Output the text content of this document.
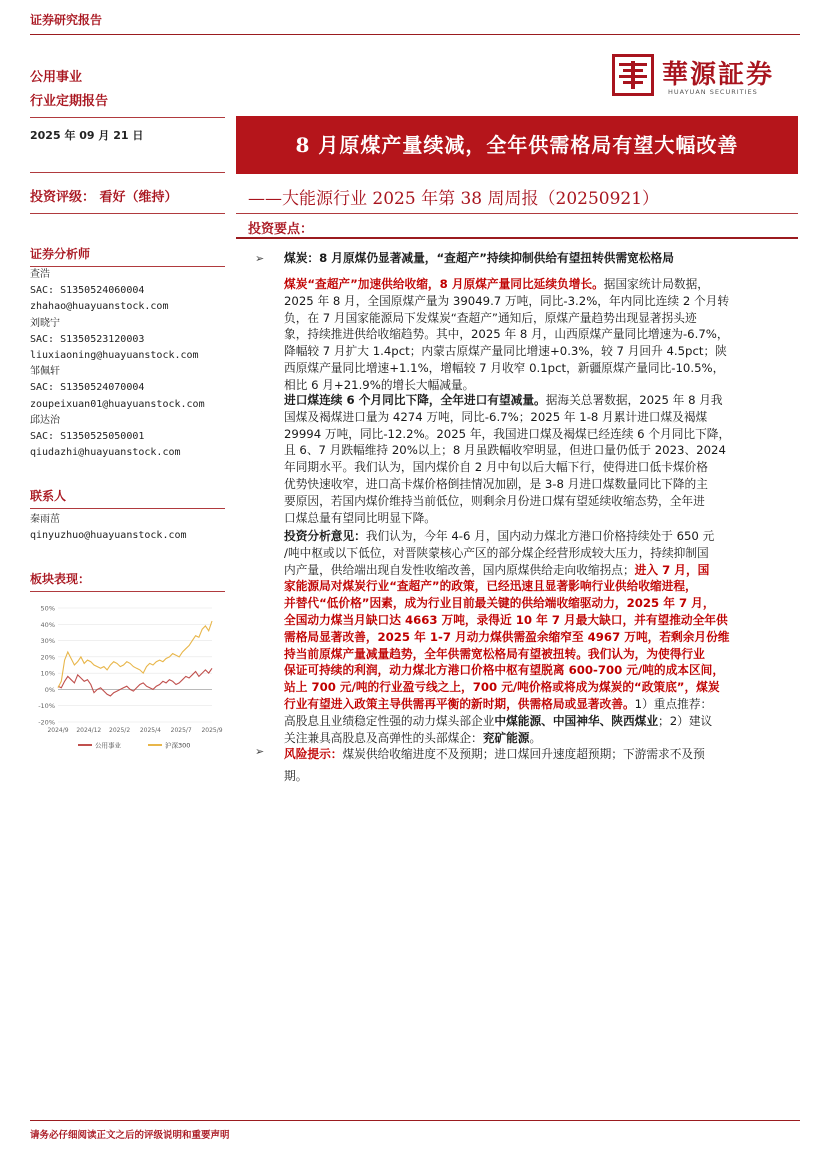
证券研究报告
公用事业
行业定期报告
華源証券
HUAYUAN SECURITIES
2025 年 09 月 21 日	8 月原煤产量续减，全年供需格局有望大幅改善
投资评级： 看好（维持）	——大能源行业 2025 年第 38 周周报（20250921）
投资要点：
证券分析师
查浩
SAC: S1350524060004
zhahao@huayuanstock.com
刘晓宁
SAC: S1350523120003
liuxiaoning@huayuanstock.com
邹佩轩
SAC: S1350524070004
zoupeixuan01@huayuanstock.com
邱达治
SAC: S1350525050001
qiudazhi@huayuanstock.com
联系人
秦雨茁
qinyuzhuo@huayuanstock.com
板块表现：
50%
40%
30%
20%
10%
0%
-10%
-20%
2024/9 2024/12 2025/2 2025/4 2025/7 2025/9
公用事业	沪深300
➢ 煤炭：8 月原煤仍显著减量，“查超产”持续抑制供给有望扭转供需宽松格局
煤炭“查超产”加速供给收缩，8 月原煤产量同比延续负增长。据国家统计局数据，
2025 年 8 月，全国原煤产量为 39049.7 万吨，同比-3.2%，年内同比连续 2 个月转
负，在 7 月国家能源局下发煤炭“查超产”通知后，原煤产量趋势出现显著拐头迹
象，持续推进供给收缩趋势。其中，2025 年 8 月，山西原煤产量同比增速为-6.7%，
降幅较 7 月扩大 1.4pct；内蒙古原煤产量同比增速+0.3%，较 7 月回升 4.5pct；陕
西原煤产量同比增速+1.1%，增幅较 7 月收窄 0.1pct，新疆原煤产量同比-10.5%，
相比 6 月+21.9%的增长大幅减量。
进口煤连续 6 个月同比下降，全年进口有望减量。据海关总署数据，2025 年 8 月我
国煤及褐煤进口量为 4274 万吨，同比-6.7%；2025 年 1-8 月累计进口煤及褐煤
29994 万吨，同比-12.2%。2025 年，我国进口煤及褐煤已经连续 6 个月同比下降，
且 6、7 月跌幅维持 20%以上；8 月虽跌幅收窄明显，但进口量仍低于 2023、2024
年同期水平。我们认为，国内煤价自 2 月中旬以后大幅下行，使得进口低卡煤价格
优势快速收窄，进口高卡煤价格倒挂情况加剧，是 3-8 月进口煤数量同比下降的主
要原因，若国内煤价维持当前低位，则剩余月份进口煤有望延续收缩态势，全年进
口煤总量有望同比明显下降。
投资分析意见：我们认为，今年 4-6 月，国内动力煤北方港口价格持续处于 650 元
/吨中枢或以下低位，对晋陕蒙核心产区的部分煤企经营形成较大压力，持续抑制国
内产量，供给端出现自发性收缩改善，国内原煤供给走向收缩拐点；进入 7 月，国
家能源局对煤炭行业“查超产”的政策，已经迅速且显著影响行业供给收缩进程，
并替代“低价格”因素，成为行业目前最关键的供给端收缩驱动力，2025 年 7 月，
全国动力煤当月缺口达 4663 万吨，录得近 10 年 7 月最大缺口，并有望推动全年供
需格局显著改善，2025 年 1-7 月动力煤供需盈余缩窄至 4967 万吨，若剩余月份维
持当前原煤产量减量趋势，全年供需宽松格局有望被扭转。我们认为，为使得行业
保证可持续的利润，动力煤北方港口价格中枢有望脱离 600-700 元/吨的成本区间，
站上 700 元/吨的行业盈亏线之上，700 元/吨价格或将成为煤炭的“政策底”，煤炭
行业有望进入政策主导供需再平衡的新时期，供需格局或显著改善。1）重点推荐：
高股息且业绩稳定性强的动力煤头部企业中煤能源、中国神华、陕西煤业；2）建议
关注兼具高股息及高弹性的头部煤企：兖矿能源。
➢ 风险提示：煤炭供给收缩进度不及预期；进口煤回升速度超预期；下游需求不及预
期。
请务必仔细阅读正文之后的评级说明和重要声明
